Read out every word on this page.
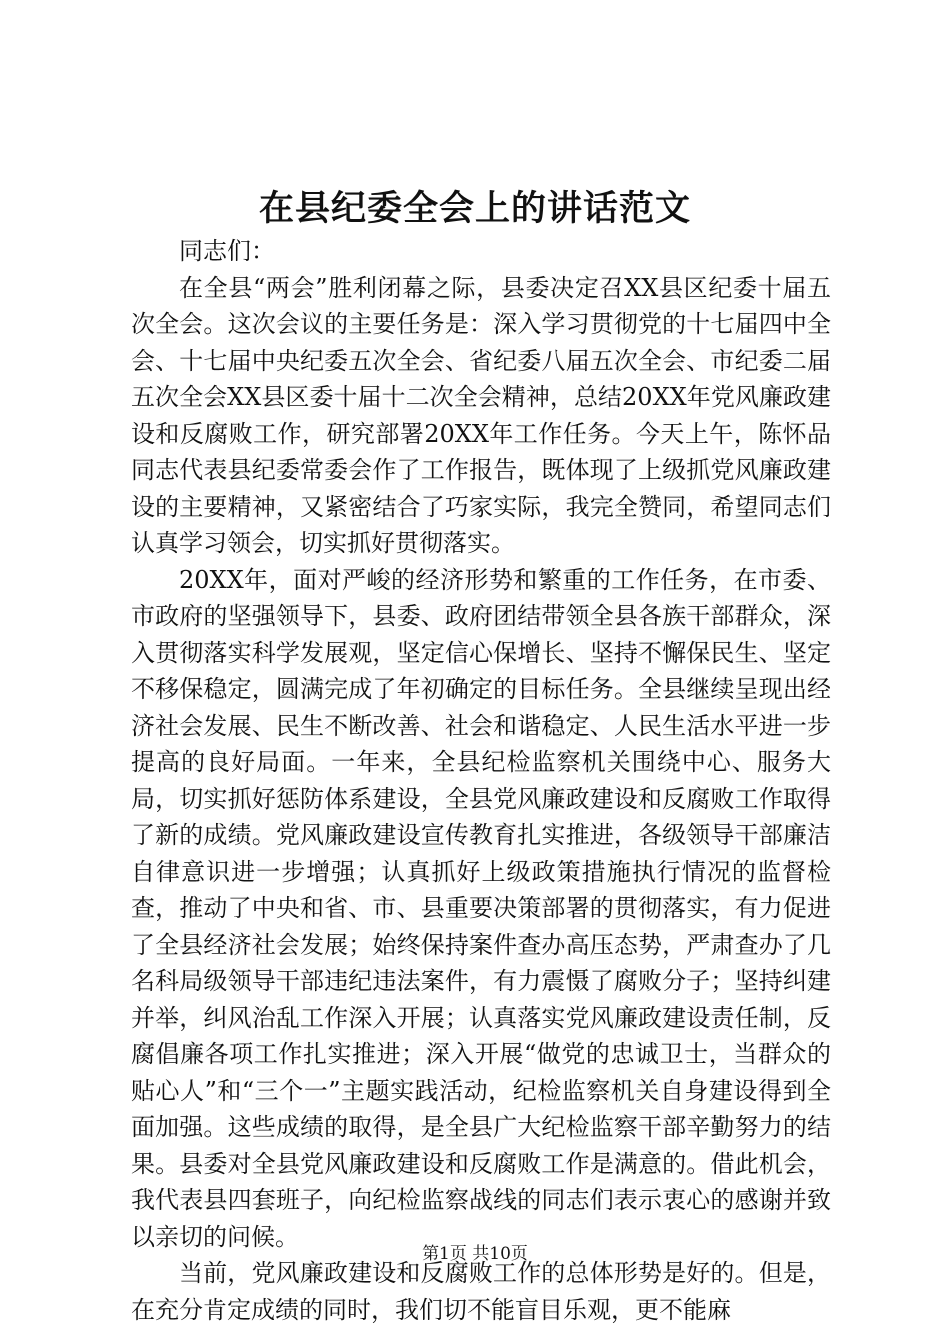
在县纪委全会上的讲话范文

同志们：

在全县“两会”胜利闭幕之际，县委决定召XX县区纪委十届五次全会。这次会议的主要任务是：深入学习贯彻党的十七届四中全会、十七届中央纪委五次全会、省纪委八届五次全会、市纪委二届五次全会XX县区委十届十二次全会精神，总结20XX年党风廉政建设和反腐败工作，研究部署20XX年工作任务。今天上午，陈怀品同志代表县纪委常委会作了工作报告，既体现了上级抓党风廉政建设的主要精神，又紧密结合了巧家实际，我完全赞同，希望同志们认真学习领会，切实抓好贯彻落实。

20XX年，面对严峻的经济形势和繁重的工作任务，在市委、市政府的坚强领导下，县委、政府团结带领全县各族干部群众，深入贯彻落实科学发展观，坚定信心保增长、坚持不懈保民生、坚定不移保稳定，圆满完成了年初确定的目标任务。全县继续呈现出经济社会发展、民生不断改善、社会和谐稳定、人民生活水平进一步提高的良好局面。一年来，全县纪检监察机关围绕中心、服务大局，切实抓好惩防体系建设，全县党风廉政建设和反腐败工作取得了新的成绩。党风廉政建设宣传教育扎实推进，各级领导干部廉洁自律意识进一步增强；认真抓好上级政策措施执行情况的监督检查，推动了中央和省、市、县重要决策部署的贯彻落实，有力促进了全县经济社会发展；始终保持案件查办高压态势，严肃查办了几名科局级领导干部违纪违法案件，有力震慑了腐败分子；坚持纠建并举，纠风治乱工作深入开展；认真落实党风廉政建设责任制，反腐倡廉各项工作扎实推进；深入开展“做党的忠诚卫士，当群众的贴心人”和“三个一”主题实践活动，纪检监察机关自身建设得到全面加强。这些成绩的取得，是全县广大纪检监察干部辛勤努力的结果。县委对全县党风廉政建设和反腐败工作是满意的。借此机会，我代表县四套班子，向纪检监察战线的同志们表示衷心的感谢并致以亲切的问候。

当前，党风廉政建设和反腐败工作的总体形势是好的。但是，在充分肯定成绩的同时，我们切不能盲目乐观，更不能麻

第1页 共10页
